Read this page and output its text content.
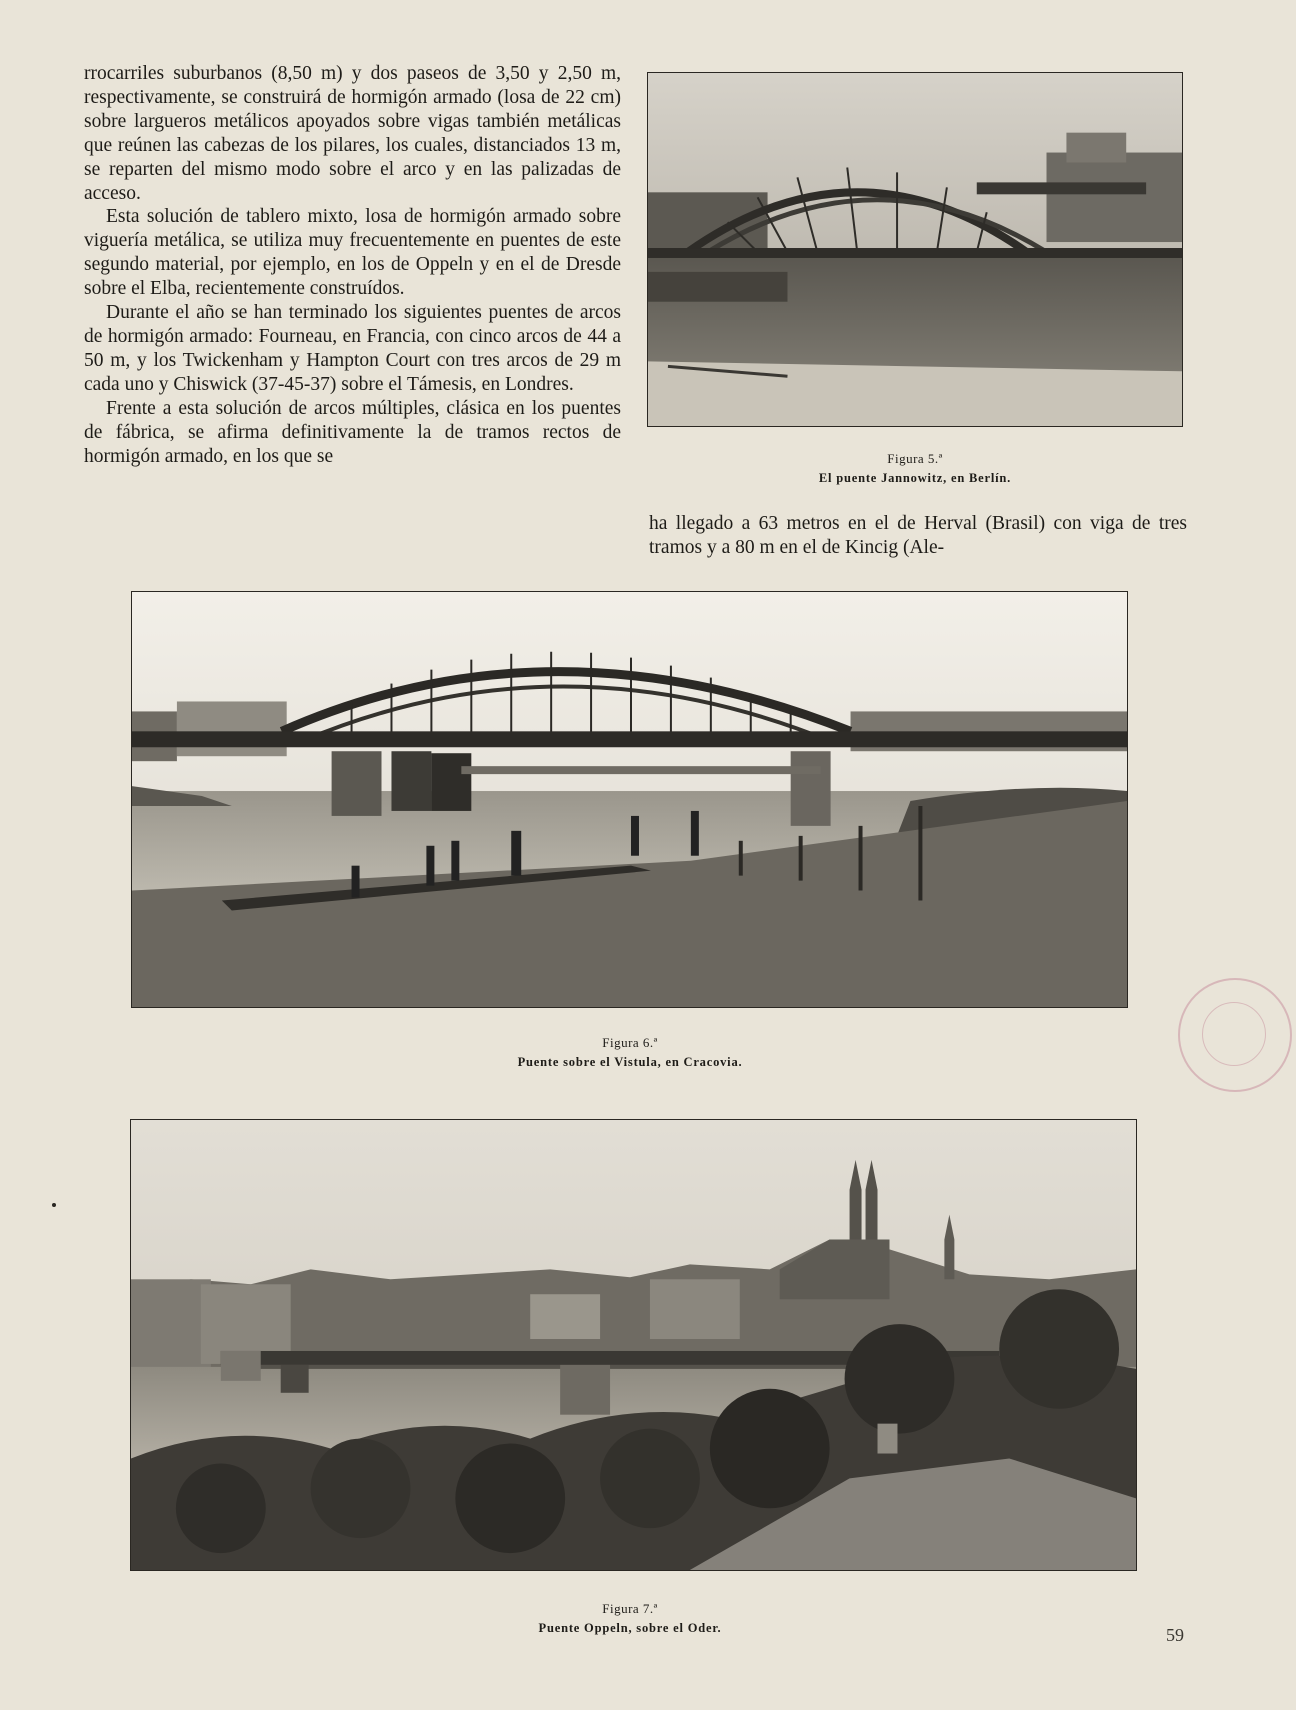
rrocarriles suburbanos (8,50 m) y dos paseos de 3,50 y 2,50 m, respectivamente, se construirá de hormigón armado (losa de 22 cm) sobre largueros metálicos apoyados sobre vigas también metálicas que reúnen las cabezas de los pilares, los cuales, distanciados 13 m, se reparten del mismo modo sobre el arco y en las palizadas de acceso.

Esta solución de tablero mixto, losa de hormigón armado sobre viguería metálica, se utiliza muy frecuentemente en puentes de este segundo material, por ejemplo, en los de Oppeln y en el de Dresde sobre el Elba, recientemente construídos.

Durante el año se han terminado los siguientes puentes de arcos de hormigón armado: Fourneau, en Francia, con cinco arcos de 44 a 50 m, y los Twickenham y Hampton Court con tres arcos de 29 m cada uno y Chiswick (37-45-37) sobre el Támesis, en Londres.

Frente a esta solución de arcos múltiples, clásica en los puentes de fábrica, se afirma definitivamente la de tramos rectos de hormigón armado, en los que se	Figura 5.ª
El puente Jannowitz, en Berlín.
ha llegado a 63 metros en el de Herval (Brasil) con viga de tres tramos y a 80 m en el de Kincig (Ale-
Figura 6.ª
Puente sobre el Vistula, en Cracovia.
Figura 7.ª
Puente Oppeln, sobre el Oder.	59
